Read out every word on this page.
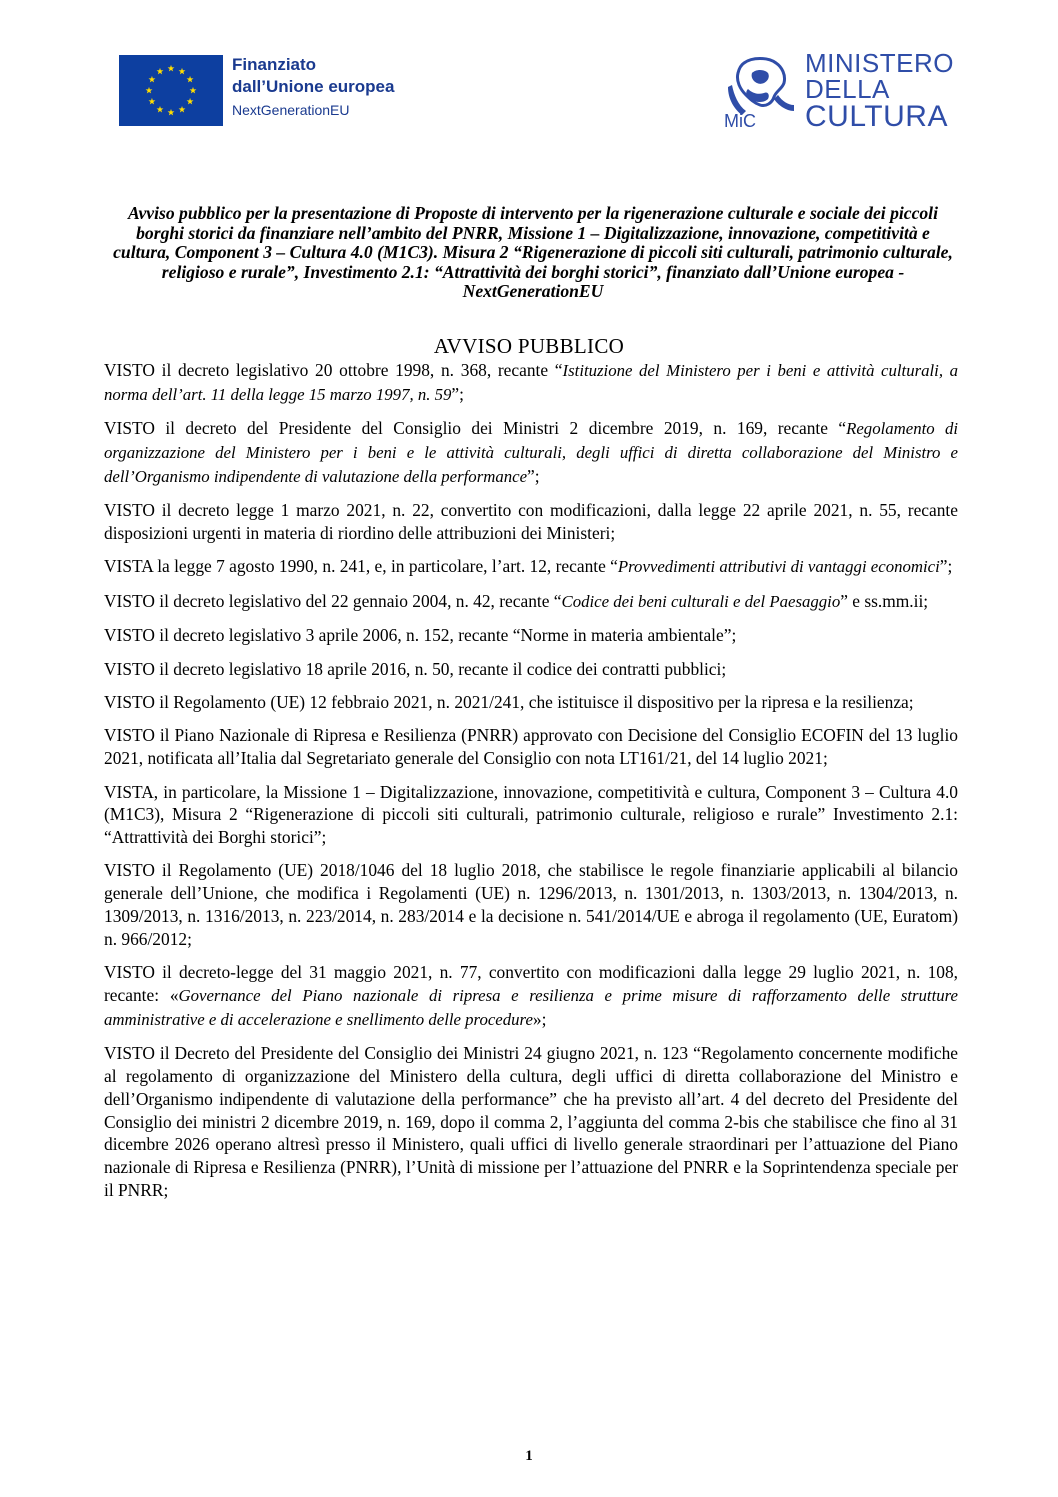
Finanziato
dall’Unione europea
NextGenerationEU
MiC
MINISTERO
DELLA
CULTURA
Avviso pubblico per la presentazione di Proposte di intervento per la rigenerazione culturale e sociale dei piccoli borghi storici da finanziare nell’ambito del PNRR, Missione 1 – Digitalizzazione, innovazione, competitività e cultura, Component 3 – Cultura 4.0 (M1C3). Misura 2 “Rigenerazione di piccoli siti culturali, patrimonio culturale, religioso e rurale”, Investimento 2.1: “Attrattività dei borghi storici”, finanziato dall’Unione europea - NextGenerationEU
AVVISO PUBBLICO

VISTO il decreto legislativo 20 ottobre 1998, n. 368, recante “Istituzione del Ministero per i beni e attività culturali, a norma dell’art. 11 della legge 15 marzo 1997, n. 59”;

VISTO il decreto del Presidente del Consiglio dei Ministri 2 dicembre 2019, n. 169, recante “Regolamento di organizzazione del Ministero per i beni e le attività culturali, degli uffici di diretta collaborazione del Ministro e dell’Organismo indipendente di valutazione della performance”;

VISTO il decreto legge 1 marzo 2021, n. 22, convertito con modificazioni, dalla legge 22 aprile 2021, n. 55, recante disposizioni urgenti in materia di riordino delle attribuzioni dei Ministeri;

VISTA la legge 7 agosto 1990, n. 241, e, in particolare, l’art. 12, recante “Provvedimenti attributivi di vantaggi economici”;

VISTO il decreto legislativo del 22 gennaio 2004, n. 42, recante “Codice dei beni culturali e del Paesaggio” e ss.mm.ii;

VISTO il decreto legislativo 3 aprile 2006, n. 152, recante “Norme in materia ambientale”;

VISTO il decreto legislativo 18 aprile 2016, n. 50, recante il codice dei contratti pubblici;

VISTO il Regolamento (UE) 12 febbraio 2021, n. 2021/241, che istituisce il dispositivo per la ripresa e la resilienza;

VISTO il Piano Nazionale di Ripresa e Resilienza (PNRR) approvato con Decisione del Consiglio ECOFIN del 13 luglio 2021, notificata all’Italia dal Segretariato generale del Consiglio con nota LT161/21, del 14 luglio 2021;

VISTA, in particolare, la Missione 1 – Digitalizzazione, innovazione, competitività e cultura, Component 3 – Cultura 4.0 (M1C3), Misura 2 “Rigenerazione di piccoli siti culturali, patrimonio culturale, religioso e rurale” Investimento 2.1: “Attrattività dei Borghi storici”;

VISTO il Regolamento (UE) 2018/1046 del 18 luglio 2018, che stabilisce le regole finanziarie applicabili al bilancio generale dell’Unione, che modifica i Regolamenti (UE) n. 1296/2013, n. 1301/2013, n. 1303/2013, n. 1304/2013, n. 1309/2013, n. 1316/2013, n. 223/2014, n. 283/2014 e la decisione n. 541/2014/UE e abroga il regolamento (UE, Euratom) n. 966/2012;

VISTO il decreto-legge del 31 maggio 2021, n. 77, convertito con modificazioni dalla legge 29 luglio 2021, n. 108, recante: «Governance del Piano nazionale di ripresa e resilienza e prime misure di rafforzamento delle strutture amministrative e di accelerazione e snellimento delle procedure»;

VISTO il Decreto del Presidente del Consiglio dei Ministri 24 giugno 2021, n. 123 “Regolamento concernente modifiche al regolamento di organizzazione del Ministero della cultura, degli uffici di diretta collaborazione del Ministro e dell’Organismo indipendente di valutazione della performance” che ha previsto all’art. 4 del decreto del Presidente del Consiglio dei ministri 2 dicembre 2019, n. 169, dopo il comma 2, l’aggiunta del comma 2-bis che stabilisce che fino al 31 dicembre 2026 operano altresì presso il Ministero, quali uffici di livello generale straordinari per l’attuazione del Piano nazionale di Ripresa e Resilienza (PNRR), l’Unità di missione per l’attuazione del PNRR e la Soprintendenza speciale per il PNRR;

1
